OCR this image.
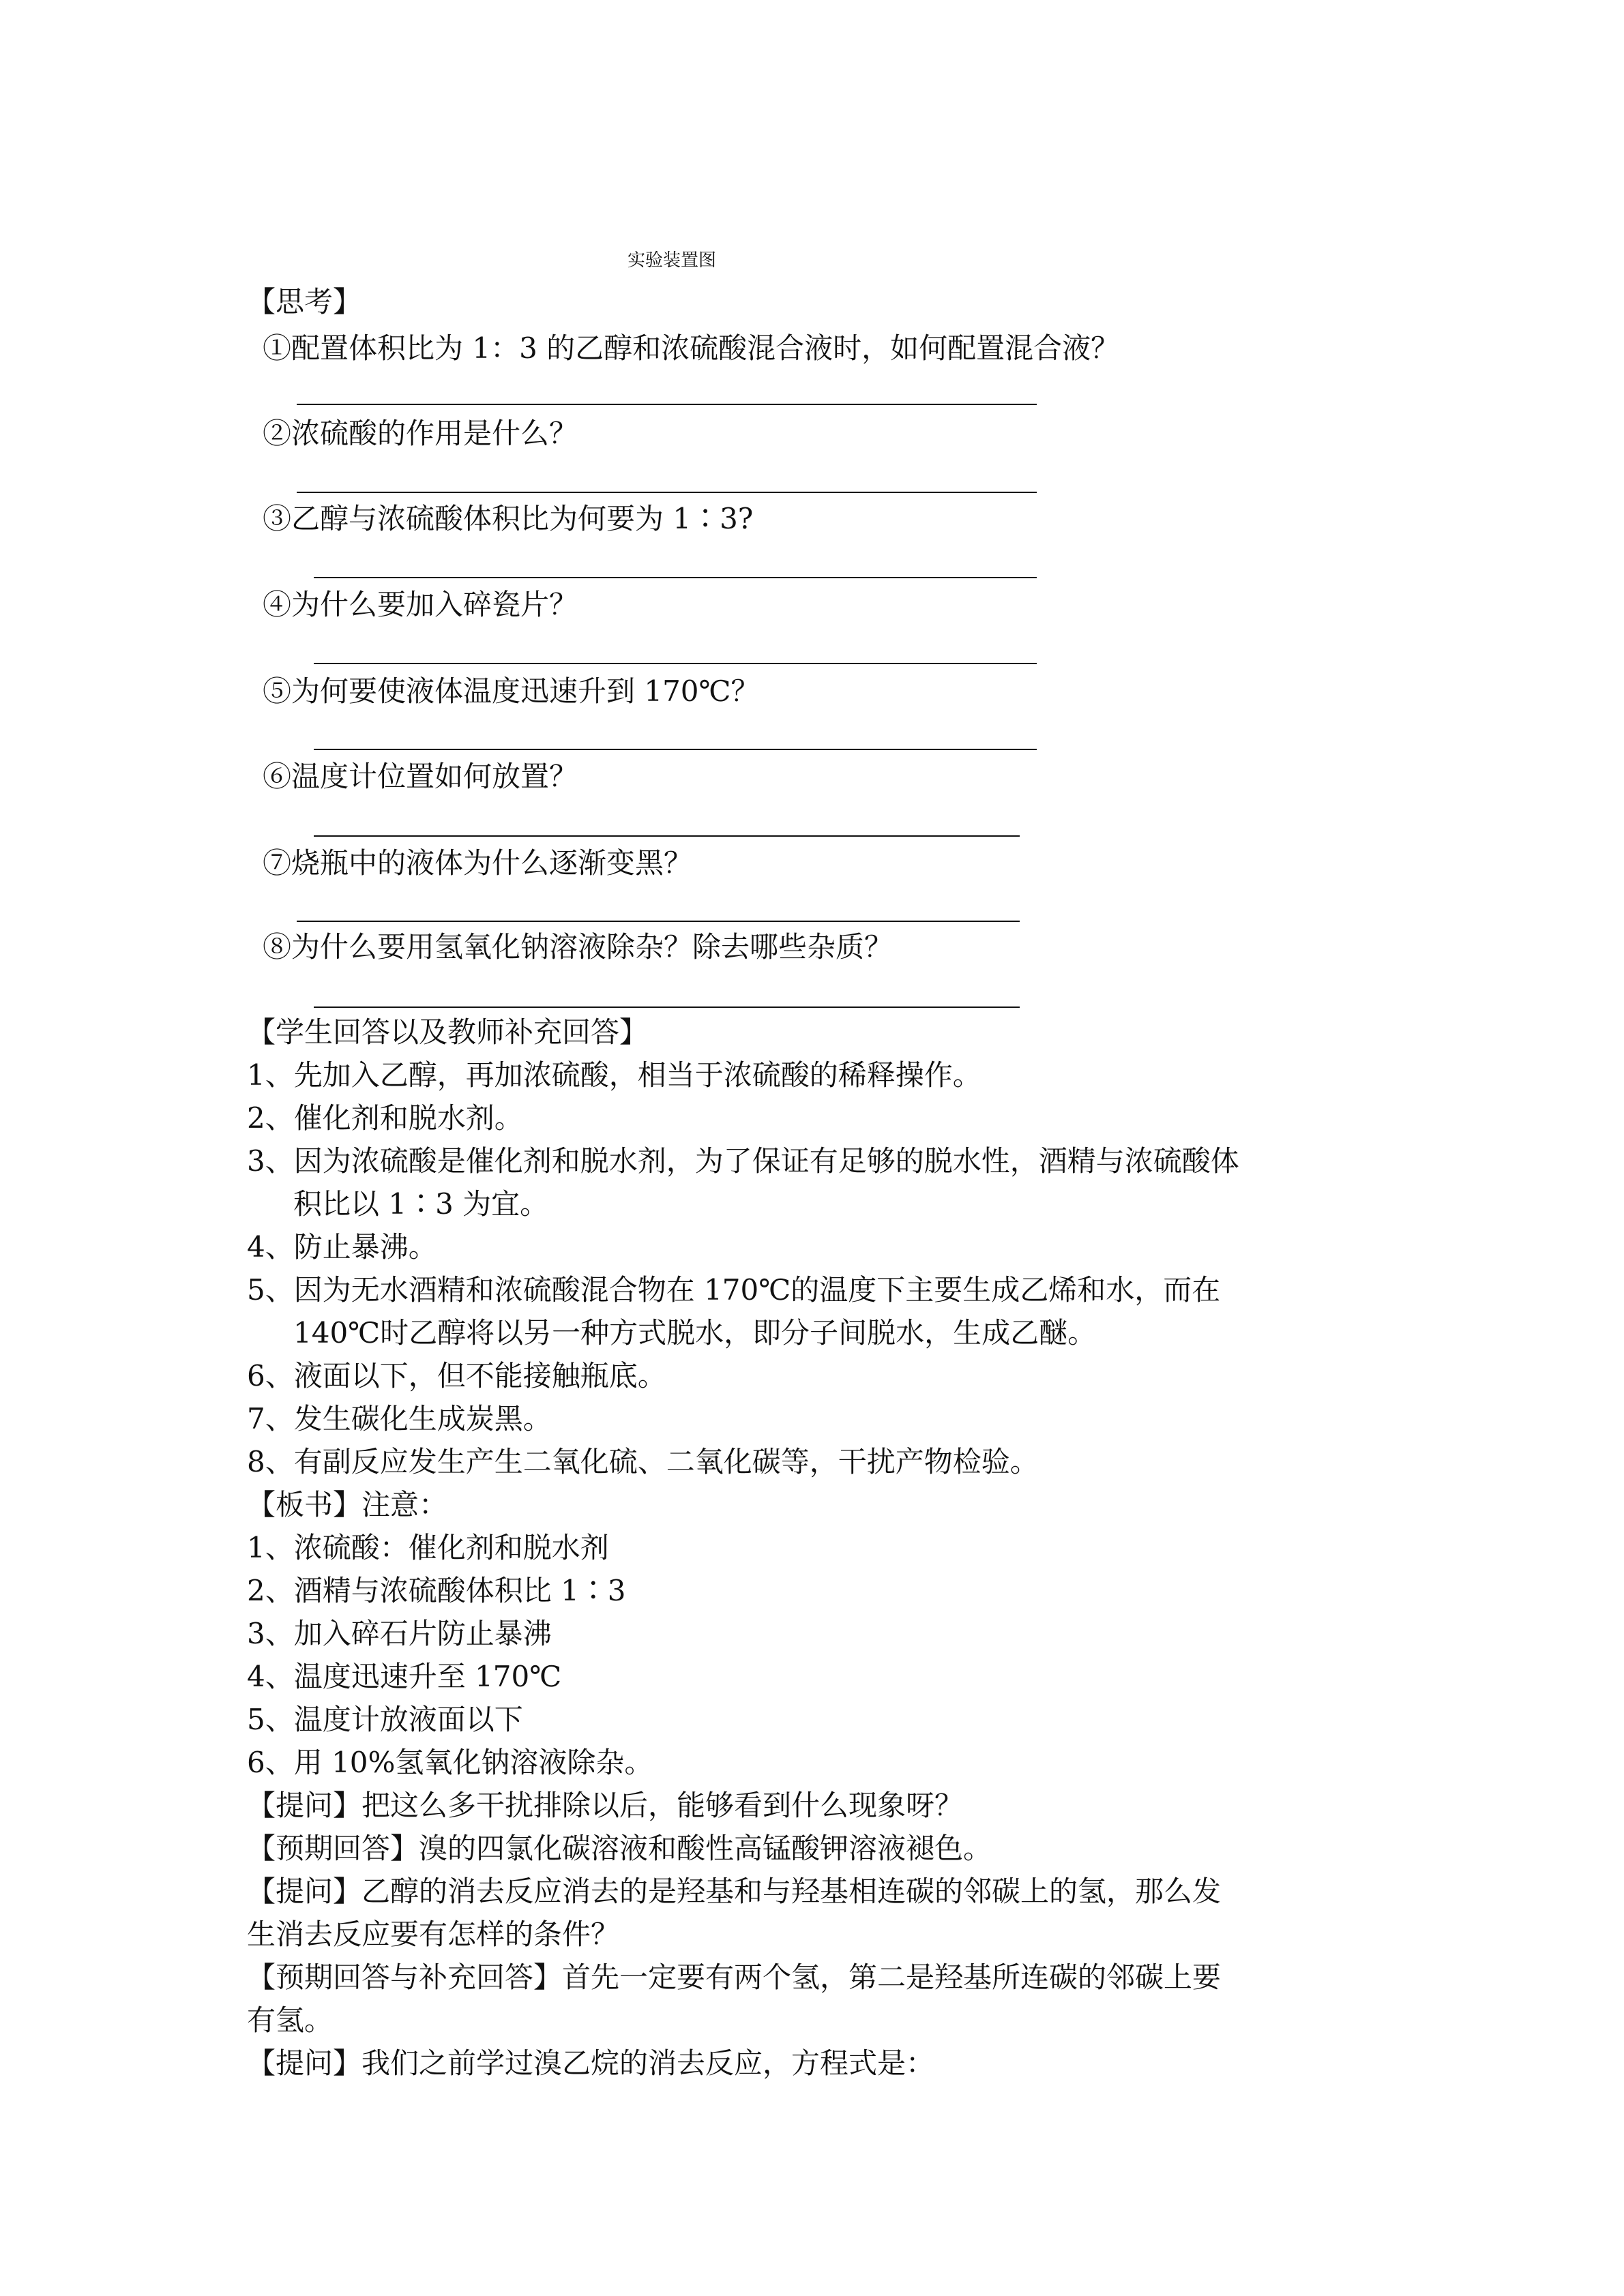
实验装置图
【思考】
①配置体积比为 1：3 的乙醇和浓硫酸混合液时，如何配置混合液？
②浓硫酸的作用是什么？
③乙醇与浓硫酸体积比为何要为 1∶3?
④为什么要加入碎瓷片？
⑤为何要使液体温度迅速升到 170℃？
⑥温度计位置如何放置？
⑦烧瓶中的液体为什么逐渐变黑？
⑧为什么要用氢氧化钠溶液除杂？除去哪些杂质？
【学生回答以及教师补充回答】
1、先加入乙醇，再加浓硫酸，相当于浓硫酸的稀释操作。
2、催化剂和脱水剂。
3、因为浓硫酸是催化剂和脱水剂，为了保证有足够的脱水性，酒精与浓硫酸体
积比以 1∶3 为宜。
4、防止暴沸。
5、因为无水酒精和浓硫酸混合物在 170℃的温度下主要生成乙烯和水，而在
140℃时乙醇将以另一种方式脱水，即分子间脱水，生成乙醚。
6、液面以下，但不能接触瓶底。
7、发生碳化生成炭黑。
8、有副反应发生产生二氧化硫、二氧化碳等，干扰产物检验。
【板书】注意：
1、浓硫酸：催化剂和脱水剂
2、酒精与浓硫酸体积比 1∶3
3、加入碎石片防止暴沸
4、温度迅速升至 170℃
5、温度计放液面以下
6、用 10%氢氧化钠溶液除杂。
【提问】把这么多干扰排除以后，能够看到什么现象呀？
【预期回答】溴的四氯化碳溶液和酸性高锰酸钾溶液褪色。
【提问】乙醇的消去反应消去的是羟基和与羟基相连碳的邻碳上的氢，那么发
生消去反应要有怎样的条件？
【预期回答与补充回答】首先一定要有两个氢，第二是羟基所连碳的邻碳上要
有氢。
【提问】我们之前学过溴乙烷的消去反应，方程式是：
